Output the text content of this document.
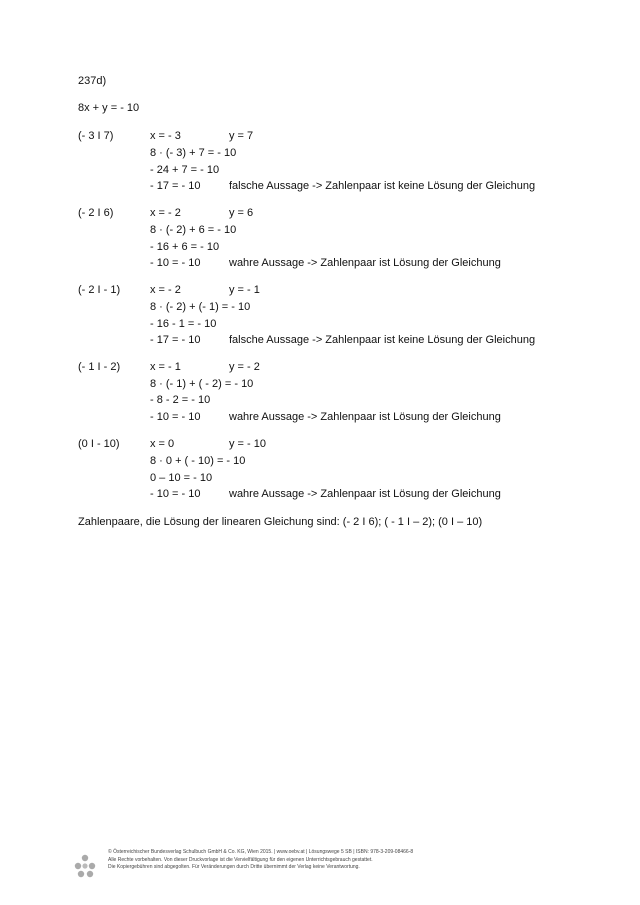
237d)
8x + y = - 10
(- 3 I 7)	x = - 3	y = 7
8 · (- 3) + 7 = - 10
- 24 + 7 = - 10
- 17 = - 10	falsche Aussage -> Zahlenpaar ist keine Lösung der Gleichung
(- 2 I 6)	x = - 2	y = 6
8 · (- 2) + 6 = - 10
- 16 + 6 = - 10
- 10 = - 10	wahre Aussage -> Zahlenpaar ist Lösung der Gleichung
(- 2 I - 1)	x = - 2	y = - 1
8 · (- 2) + (- 1) = - 10
- 16 - 1 = - 10
- 17 = - 10	falsche Aussage -> Zahlenpaar ist keine Lösung der Gleichung
(- 1 I - 2)	x = - 1	y = - 2
8 · (- 1) + ( - 2) = - 10
- 8 - 2 = - 10
- 10 = - 10	wahre Aussage -> Zahlenpaar ist Lösung der Gleichung
(0 I - 10)	x = 0	y = - 10
8 · 0 + ( - 10) = - 10
0 – 10 = - 10
- 10 = - 10	wahre Aussage -> Zahlenpaar ist Lösung der Gleichung
Zahlenpaare, die Lösung der linearen Gleichung sind: (- 2 I 6); ( - 1 I – 2); (0 I – 10)
© Österreichischer Bundesverlag Schulbuch GmbH & Co. KG, Wien 2015. | www.oebv.at | Lösungswege 5 SB | ISBN: 978-3-209-08466-8
Alle Rechte vorbehalten. Von dieser Druckvorlage ist die Vervielfältigung für den eigenen Unterrichtsgebrauch gestattet.
Die Kopiergebühren sind abgegolten. Für Veränderungen durch Dritte übernimmt der Verlag keine Verantwortung.
